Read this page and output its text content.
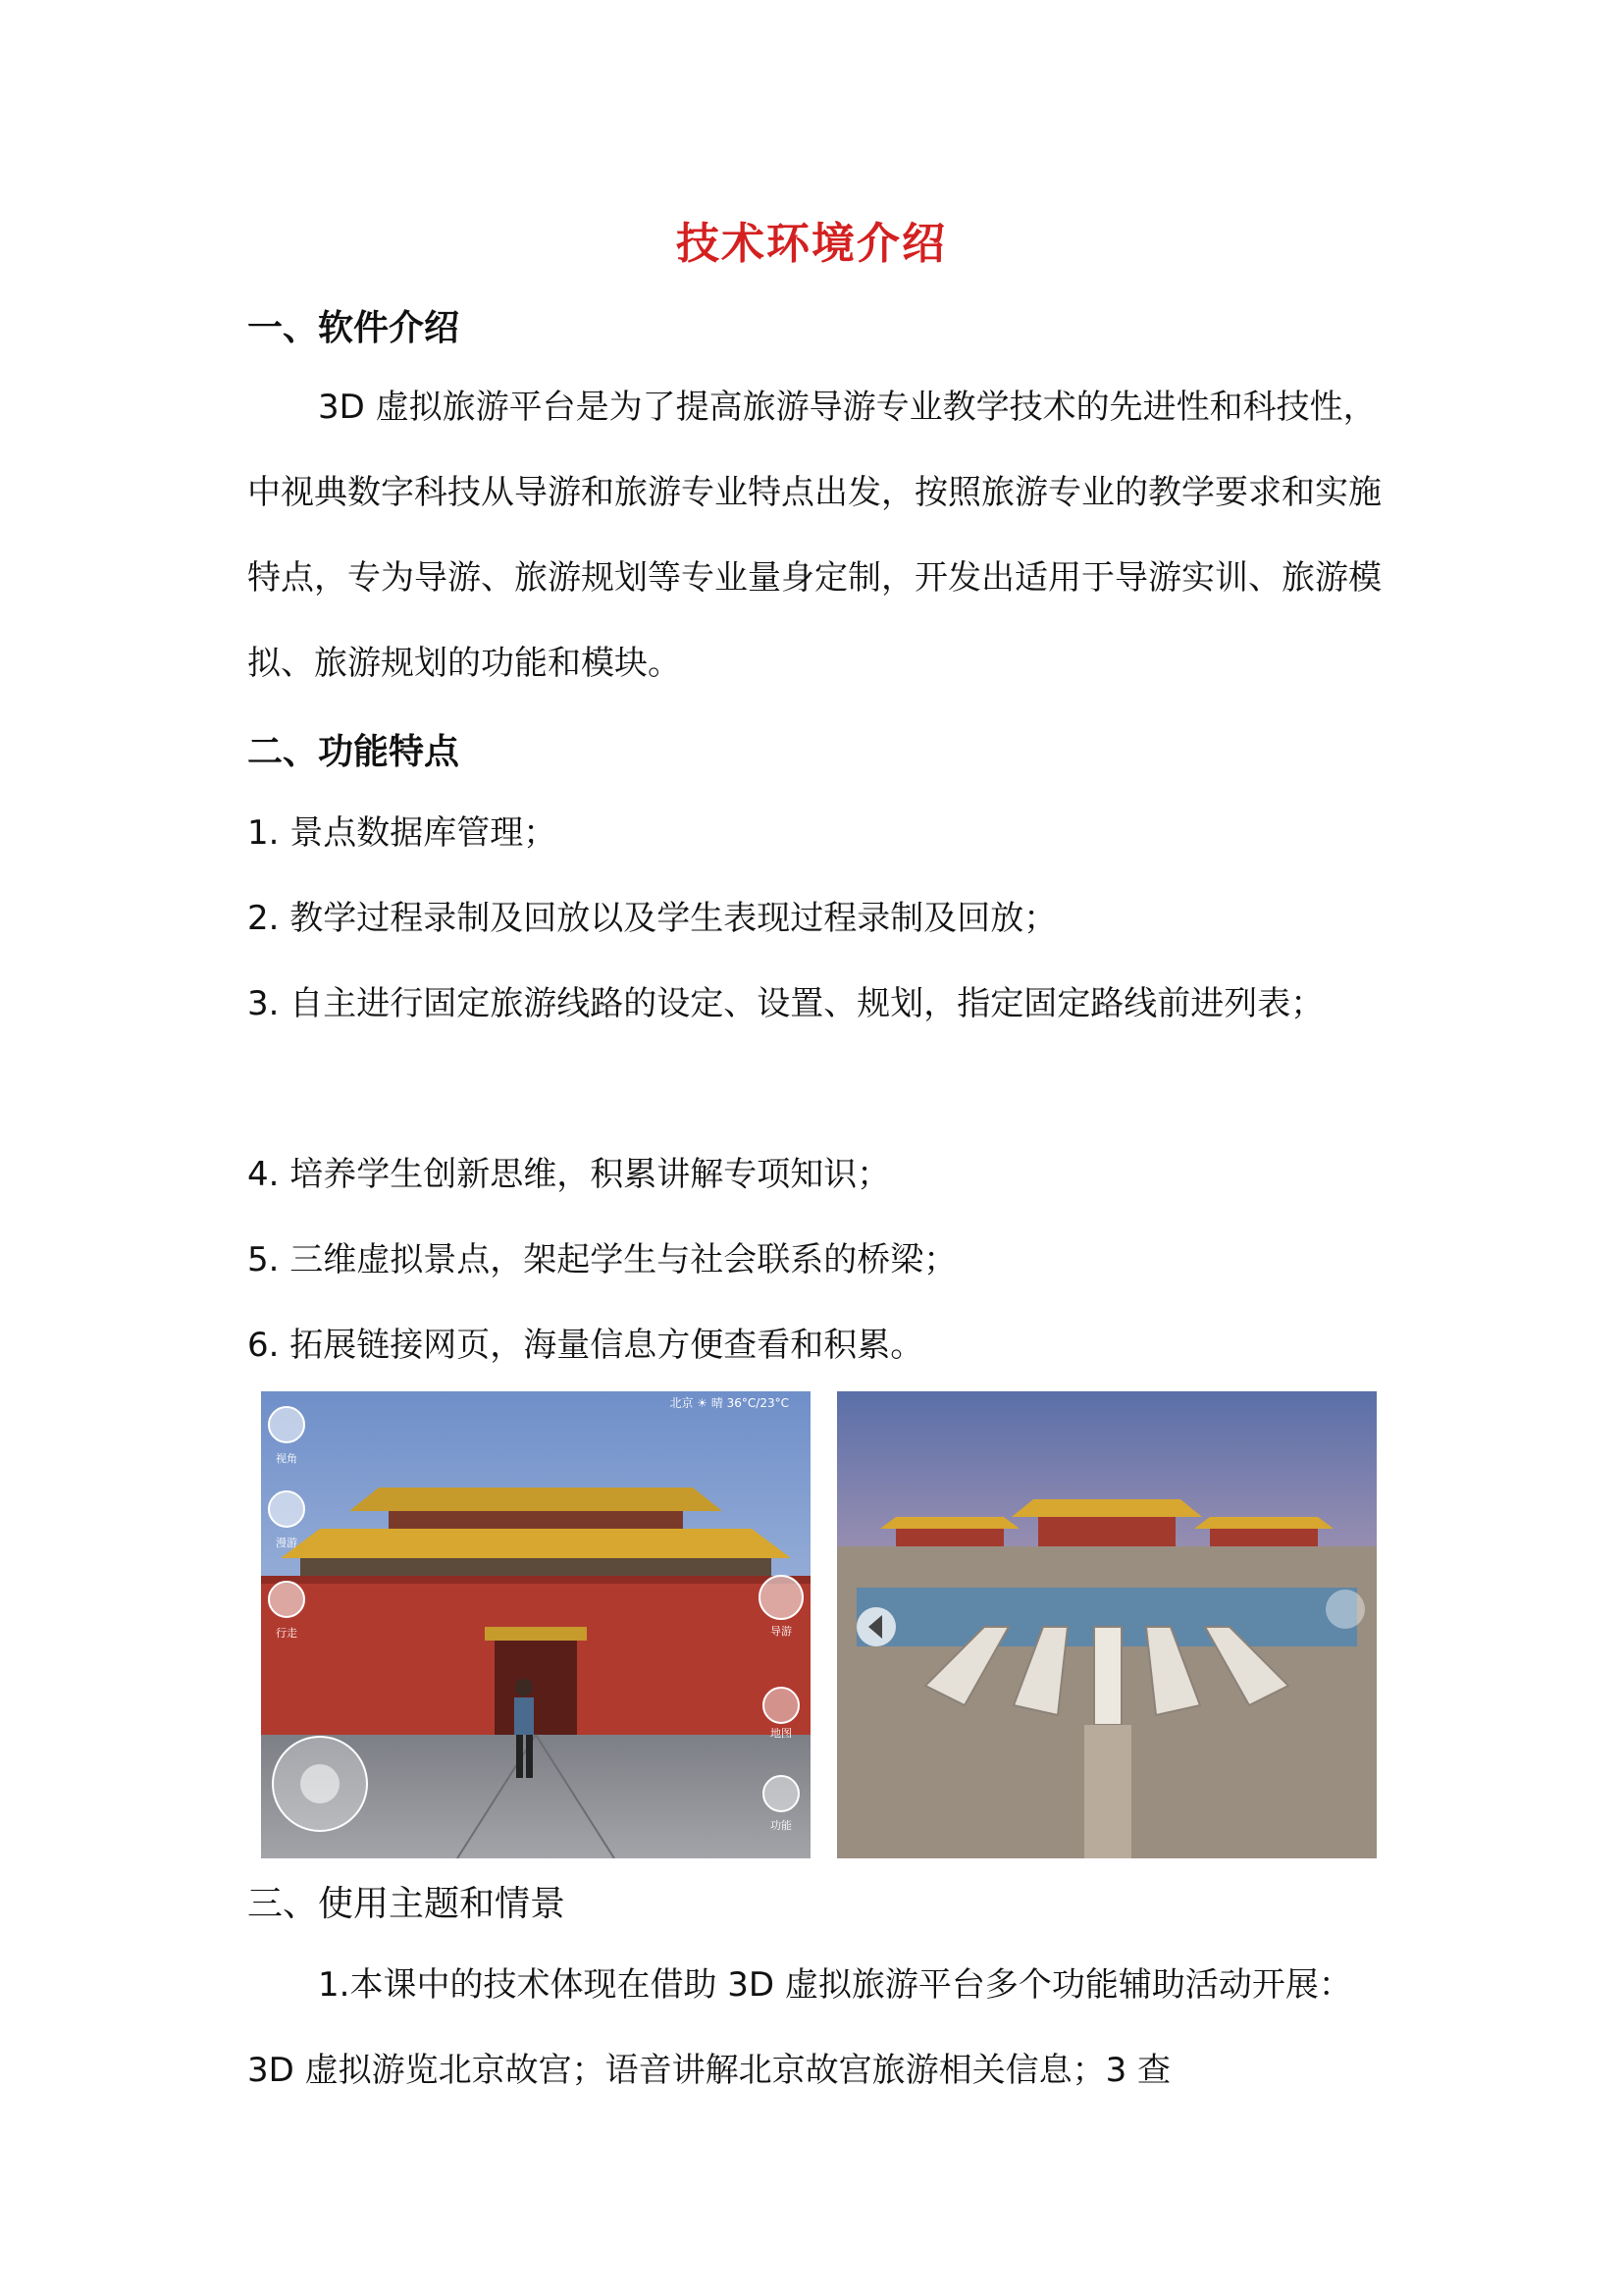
技术环境介绍
一、软件介绍
3D 虚拟旅游平台是为了提高旅游导游专业教学技术的先进性和科技性，中视典数字科技从导游和旅游专业特点出发，按照旅游专业的教学要求和实施特点，专为导游、旅游规划等专业量身定制，开发出适用于导游实训、旅游模拟、旅游规划的功能和模块。
二、功能特点
1. 景点数据库管理；
2. 教学过程录制及回放以及学生表现过程录制及回放；
3. 自主进行固定旅游线路的设定、设置、规划，指定固定路线前进列表；
4. 培养学生创新思维，积累讲解专项知识；
5. 三维虚拟景点，架起学生与社会联系的桥梁；
6. 拓展链接网页，海量信息方便查看和积累。
视角
漫游
行走
北京 ☀ 晴 36°C/23°C
导游
地图
功能
三、使用主题和情景
1.本课中的技术体现在借助 3D 虚拟旅游平台多个功能辅助活动开展：3D 虚拟游览北京故宫；语音讲解北京故宫旅游相关信息；3 查
